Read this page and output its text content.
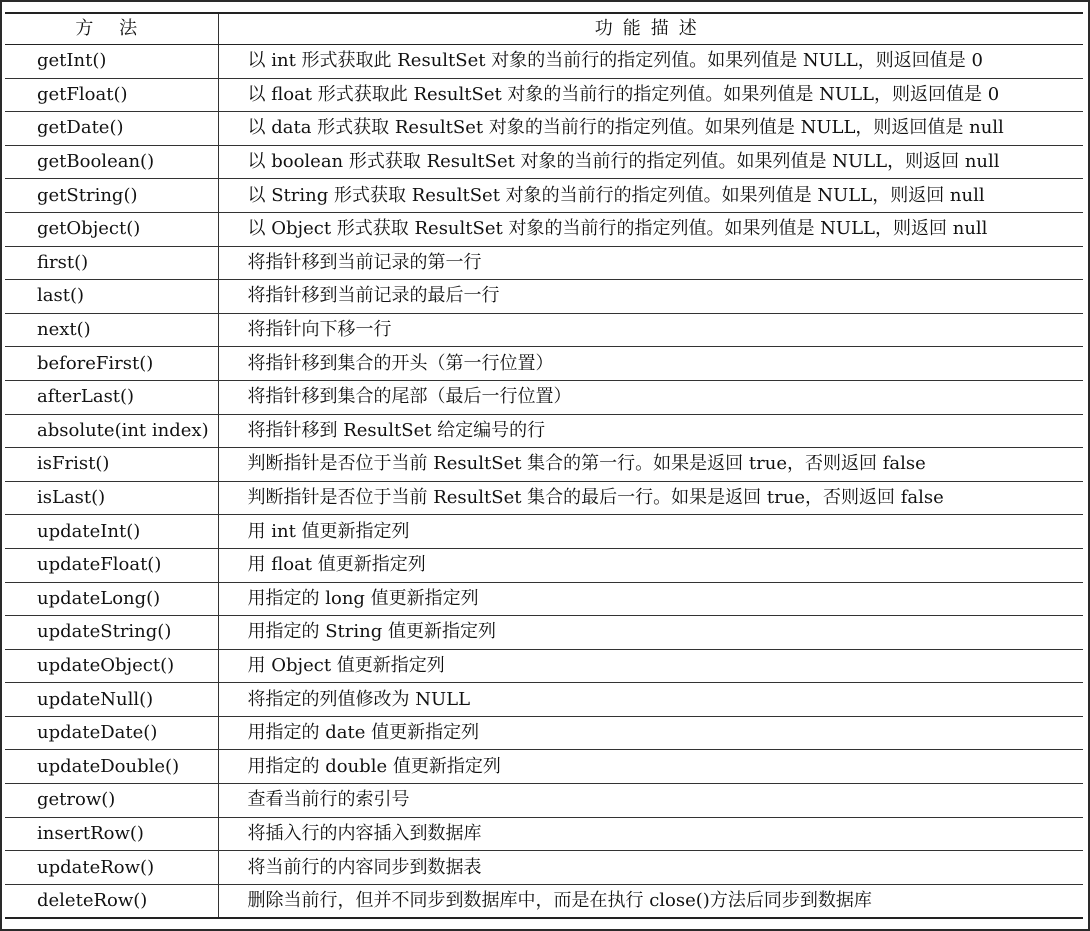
方 法	功能描述
getInt()	以 int 形式获取此 ResultSet 对象的当前行的指定列值。如果列值是 NULL，则返回值是 0
getFloat()	以 float 形式获取此 ResultSet 对象的当前行的指定列值。如果列值是 NULL，则返回值是 0
getDate()	以 data 形式获取 ResultSet 对象的当前行的指定列值。如果列值是 NULL，则返回值是 null
getBoolean()	以 boolean 形式获取 ResultSet 对象的当前行的指定列值。如果列值是 NULL，则返回 null
getString()	以 String 形式获取 ResultSet 对象的当前行的指定列值。如果列值是 NULL，则返回 null
getObject()	以 Object 形式获取 ResultSet 对象的当前行的指定列值。如果列值是 NULL，则返回 null
first()	将指针移到当前记录的第一行
last()	将指针移到当前记录的最后一行
next()	将指针向下移一行
beforeFirst()	将指针移到集合的开头（第一行位置）
afterLast()	将指针移到集合的尾部（最后一行位置）
absolute(int index)	将指针移到 ResultSet 给定编号的行
isFrist()	判断指针是否位于当前 ResultSet 集合的第一行。如果是返回 true，否则返回 false
isLast()	判断指针是否位于当前 ResultSet 集合的最后一行。如果是返回 true，否则返回 false
updateInt()	用 int 值更新指定列
updateFloat()	用 float 值更新指定列
updateLong()	用指定的 long 值更新指定列
updateString()	用指定的 String 值更新指定列
updateObject()	用 Object 值更新指定列
updateNull()	将指定的列值修改为 NULL
updateDate()	用指定的 date 值更新指定列
updateDouble()	用指定的 double 值更新指定列
getrow()	查看当前行的索引号
insertRow()	将插入行的内容插入到数据库
updateRow()	将当前行的内容同步到数据表
deleteRow()	删除当前行，但并不同步到数据库中，而是在执行 close()方法后同步到数据库
